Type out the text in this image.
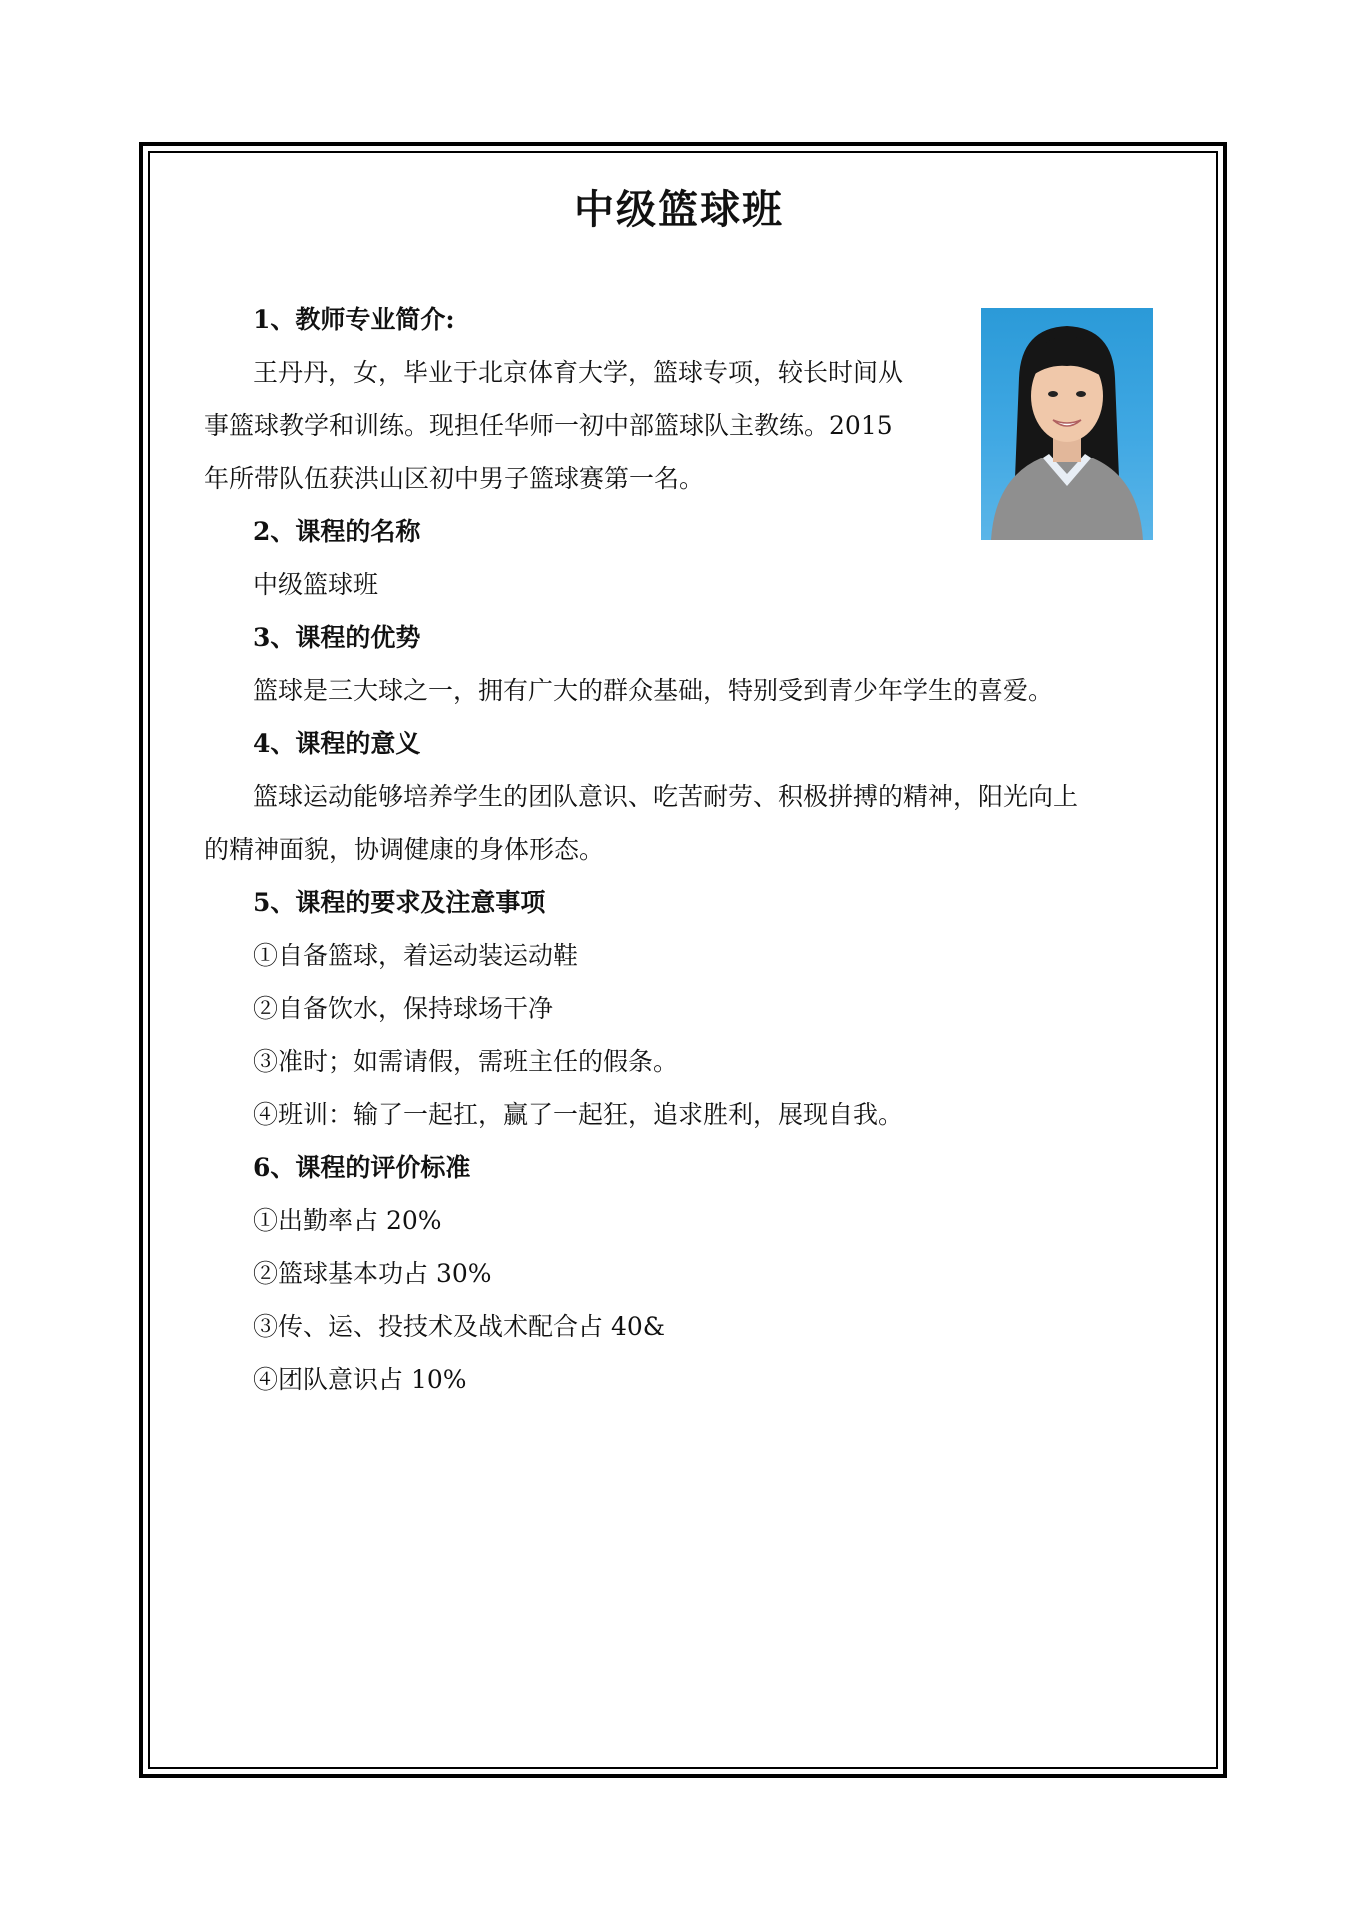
中级篮球班
1、教师专业简介:
王丹丹，女，毕业于北京体育大学，篮球专项，较长时间从
事篮球教学和训练。现担任华师一初中部篮球队主教练。2015
年所带队伍获洪山区初中男子篮球赛第一名。
2、课程的名称
中级篮球班
3、课程的优势
篮球是三大球之一，拥有广大的群众基础，特别受到青少年学生的喜爱。
4、课程的意义
篮球运动能够培养学生的团队意识、吃苦耐劳、积极拼搏的精神，阳光向上
的精神面貌，协调健康的身体形态。
5、课程的要求及注意事项
①自备篮球，着运动装运动鞋
②自备饮水，保持球场干净
③准时；如需请假，需班主任的假条。
④班训：输了一起扛，赢了一起狂，追求胜利，展现自我。
6、课程的评价标准
①出勤率占 20%
②篮球基本功占 30%
③传、运、投技术及战术配合占 40&
④团队意识占 10%
